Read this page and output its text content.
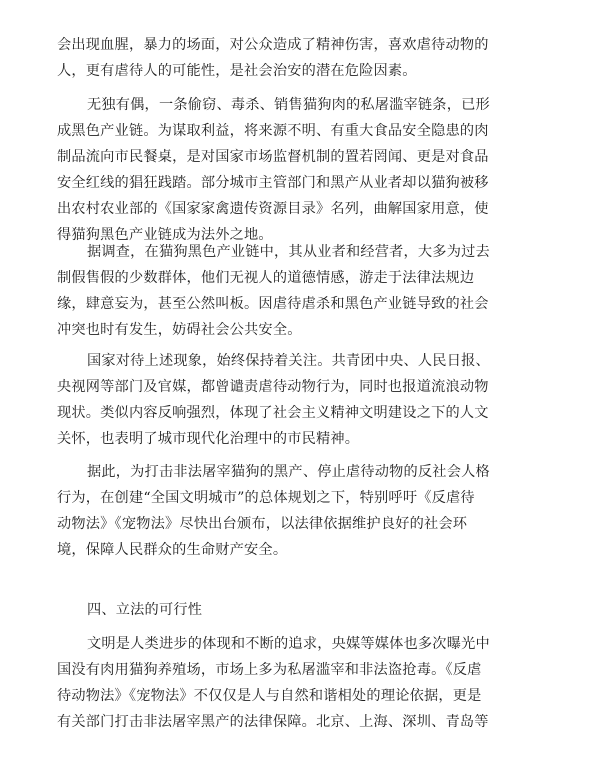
会出现血腥，暴力的场面，对公众造成了精神伤害，喜欢虐待动物的
人，更有虐待人的可能性，是社会治安的潜在危险因素。

无独有偶，一条偷窃、毒杀、销售猫狗肉的私屠滥宰链条，已形
成黑色产业链。为谋取利益，将来源不明、有重大食品安全隐患的肉
制品流向市民餐桌，是对国家市场监督机制的置若罔闻、更是对食品
安全红线的猖狂践踏。部分城市主管部门和黑产从业者却以猫狗被移
出农村农业部的《国家家禽遗传资源目录》名列，曲解国家用意，使
得猫狗黑色产业链成为法外之地。

据调查，在猫狗黑色产业链中，其从业者和经营者，大多为过去
制假售假的少数群体，他们无视人的道德情感，游走于法律法规边
缘，肆意妄为，甚至公然叫板。因虐待虐杀和黑色产业链导致的社会
冲突也时有发生，妨碍社会公共安全。

国家对待上述现象，始终保持着关注。共青团中央、人民日报、
央视网等部门及官媒，都曾谴责虐待动物行为，同时也报道流浪动物
现状。类似内容反响强烈，体现了社会主义精神文明建设之下的人文
关怀，也表明了城市现代化治理中的市民精神。

据此，为打击非法屠宰猫狗的黑产、停止虐待动物的反社会人格
行为，在创建“全国文明城市”的总体规划之下，特别呼吁《反虐待
动物法》《宠物法》尽快出台颁布，以法律依据维护良好的社会环
境，保障人民群众的生命财产安全。

四、立法的可行性

文明是人类进步的体现和不断的追求，央媒等媒体也多次曝光中
国没有肉用猫狗养殖场，市场上多为私屠滥宰和非法盗抢毒。《反虐
待动物法》《宠物法》不仅仅是人与自然和谐相处的理论依据，更是
有关部门打击非法屠宰黑产的法律保障。北京、上海、深圳、青岛等
